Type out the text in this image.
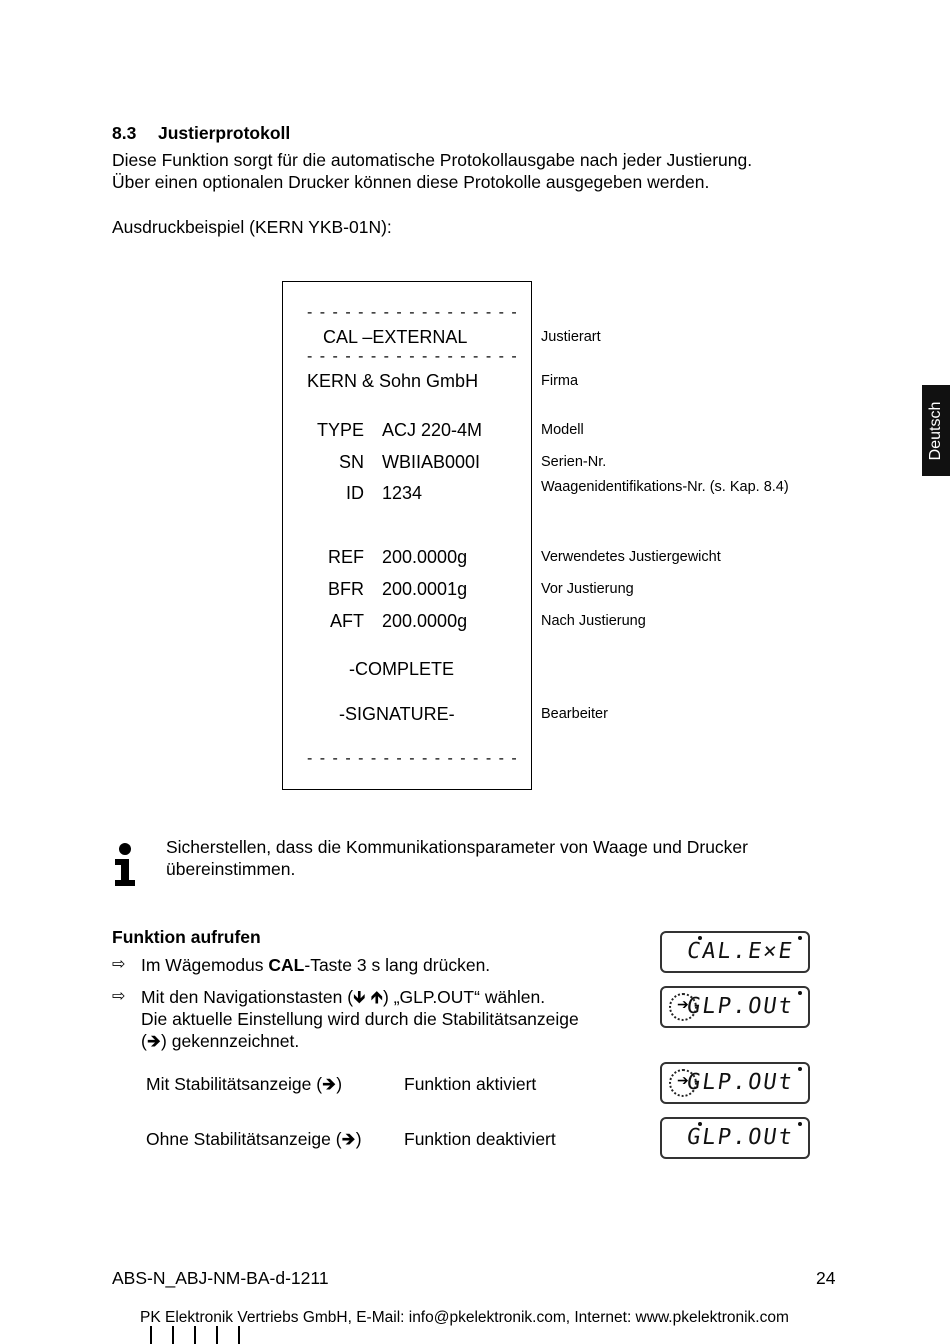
8.3 Justierprotokoll
Diese Funktion sorgt für die automatische Protokollausgabe nach jeder Justierung.
Über einen optionalen Drucker können diese Protokolle ausgegeben werden.
Ausdruckbeispiel (KERN YKB-01N):
Deutsch
- - - - - - - - - - - - - - - - -
CAL –EXTERNAL
- - - - - - - - - - - - - - - - -
KERN & Sohn GmbH
TYPE ACJ 220-4M
SN WBIIAB000I
ID 1234
REF 200.0000g
BFR 200.0001g
AFT 200.0000g
-COMPLETE
-SIGNATURE-
- - - - - - - - - - - - - - - - -
Justierart
Firma
Modell
Serien-Nr.
Waagenidentifikations-Nr. (s. Kap. 8.4)
Verwendetes Justiergewicht
Vor Justierung
Nach Justierung
Bearbeiter
Sicherstellen, dass die Kommunikationsparameter von Waage und Drucker
übereinstimmen.
Funktion aufrufen
⇨ Im Wägemodus CAL-Taste 3 s lang drücken.
⇨ Mit den Navigationstasten (🡻 🡹) „GLP.OUT“ wählen.
Die aktuelle Einstellung wird durch die Stabilitätsanzeige
(🡺) gekennzeichnet.
Mit Stabilitätsanzeige (🡺)	Funktion aktiviert
Ohne Stabilitätsanzeige (🡺) Funktion deaktiviert
CAL.E×E
➔
GLP.OUt
➔
GLP.OUt
GLP.OUt
ABS-N_ABJ-NM-BA-d-1211	24
PK Elektronik Vertriebs GmbH, E-Mail: info@pkelektronik.com, Internet: www.pkelektronik.com
